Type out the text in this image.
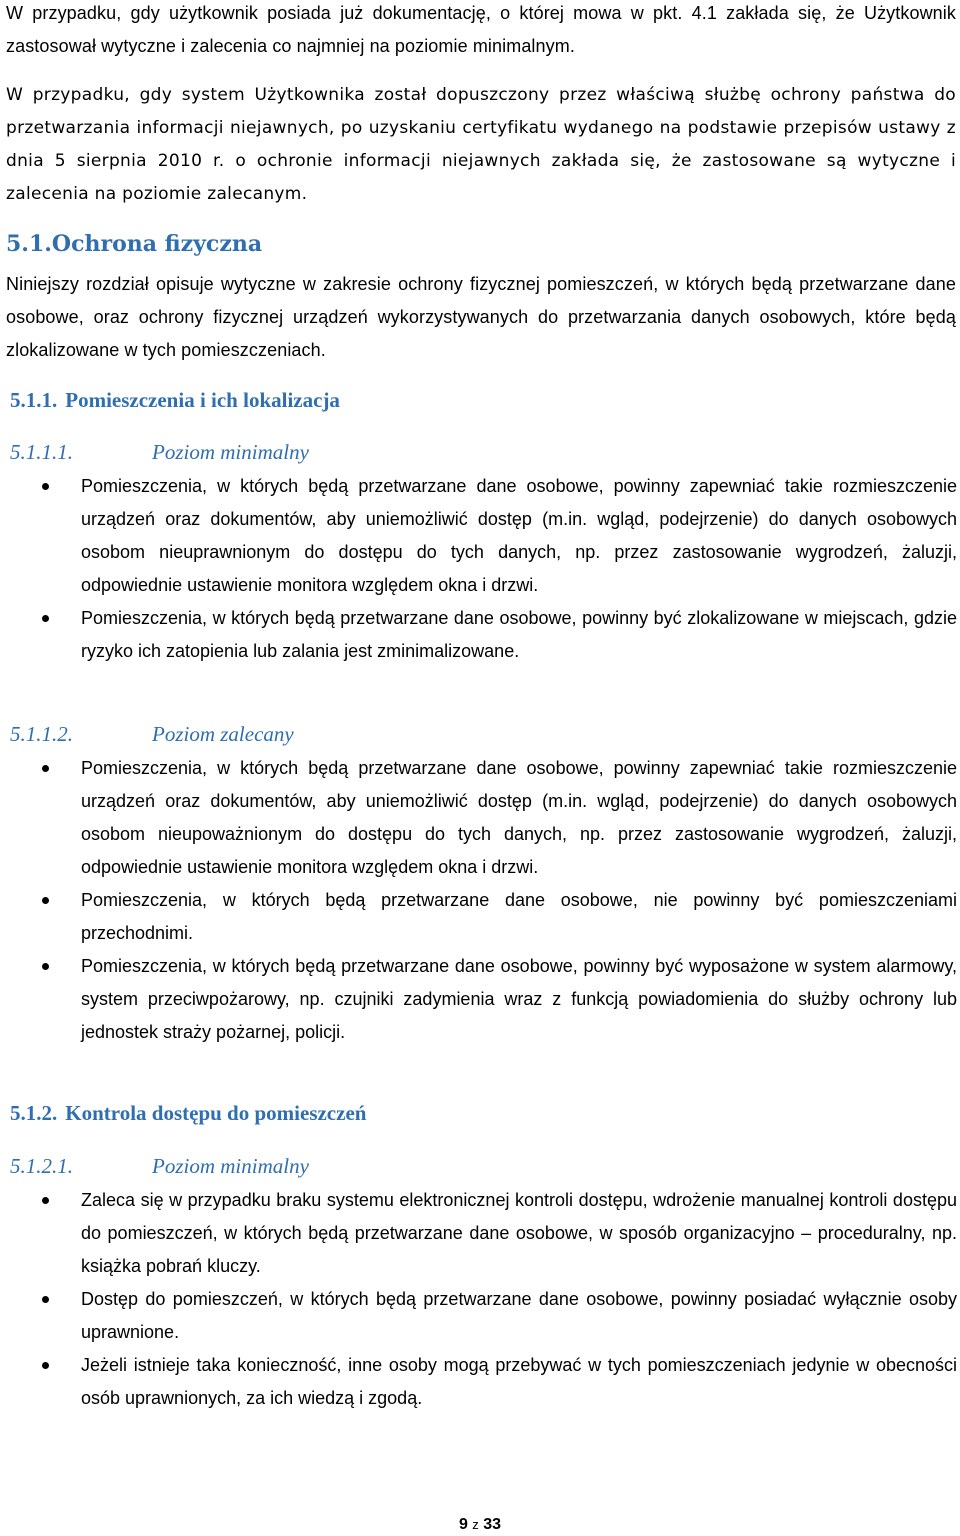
W przypadku, gdy użytkownik posiada już dokumentację, o której mowa w pkt. 4.1 zakłada się, że Użytkownik zastosował wytyczne i zalecenia co najmniej na poziomie minimalnym.
W przypadku, gdy system Użytkownika został dopuszczony przez właściwą służbę ochrony państwa do przetwarzania informacji niejawnych, po uzyskaniu certyfikatu wydanego na podstawie przepisów ustawy z dnia 5 sierpnia 2010 r. o ochronie informacji niejawnych zakłada się, że zastosowane są wytyczne i zalecenia na poziomie zalecanym.
5.1.Ochrona fizyczna
Niniejszy rozdział opisuje wytyczne w zakresie ochrony fizycznej pomieszczeń, w których będą przetwarzane dane osobowe, oraz ochrony fizycznej urządzeń wykorzystywanych do przetwarzania danych osobowych, które będą zlokalizowane w tych pomieszczeniach.
5.1.1. Pomieszczenia i ich lokalizacja
5.1.1.1.	Poziom minimalny
Pomieszczenia, w których będą przetwarzane dane osobowe, powinny zapewniać takie rozmieszczenie urządzeń oraz dokumentów, aby uniemożliwić dostęp (m.in. wgląd, podejrzenie) do danych osobowych osobom nieuprawnionym do dostępu do tych danych, np. przez zastosowanie wygrodzeń, żaluzji, odpowiednie ustawienie monitora względem okna i drzwi.
Pomieszczenia, w których będą przetwarzane dane osobowe, powinny być zlokalizowane w miejscach, gdzie ryzyko ich zatopienia lub zalania jest zminimalizowane.
5.1.1.2.	Poziom zalecany
Pomieszczenia, w których będą przetwarzane dane osobowe, powinny zapewniać takie rozmieszczenie urządzeń oraz dokumentów, aby uniemożliwić dostęp (m.in. wgląd, podejrzenie) do danych osobowych osobom nieupoważnionym do dostępu do tych danych, np. przez zastosowanie wygrodzeń, żaluzji, odpowiednie ustawienie monitora względem okna i drzwi.
Pomieszczenia, w których będą przetwarzane dane osobowe, nie powinny być pomieszczeniami przechodnimi.
Pomieszczenia, w których będą przetwarzane dane osobowe, powinny być wyposażone w system alarmowy, system przeciwpożarowy, np. czujniki zadymienia wraz z funkcją powiadomienia do służby ochrony lub jednostek straży pożarnej, policji.
5.1.2. Kontrola dostępu do pomieszczeń
5.1.2.1.	Poziom minimalny
Zaleca się w przypadku braku systemu elektronicznej kontroli dostępu, wdrożenie manualnej kontroli dostępu do pomieszczeń, w których będą przetwarzane dane osobowe, w sposób organizacyjno – proceduralny, np. książka pobrań kluczy.
Dostęp do pomieszczeń, w których będą przetwarzane dane osobowe, powinny posiadać wyłącznie osoby uprawnione.
Jeżeli istnieje taka konieczność, inne osoby mogą przebywać w tych pomieszczeniach jedynie w obecności osób uprawnionych, za ich wiedzą i zgodą.
9 z 33
